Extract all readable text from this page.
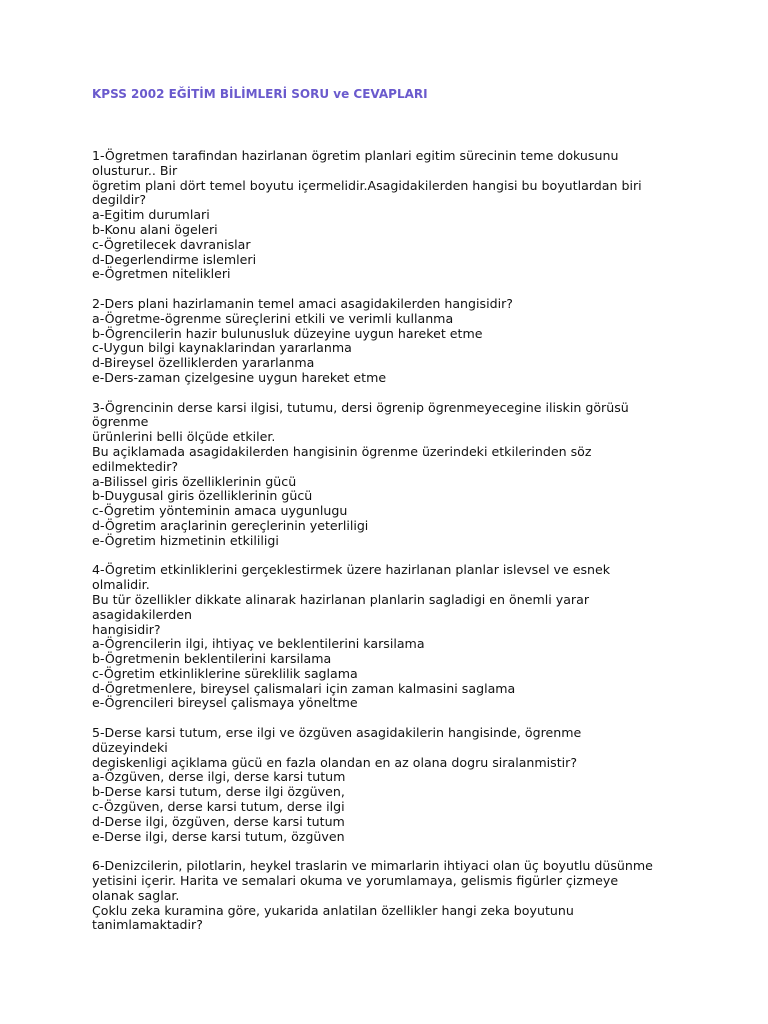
KPSS 2002 EĞİTİM BİLİMLERİ SORU ve CEVAPLARI
1-Ögretmen tarafindan hazirlanan ögretim planlari egitim sürecinin teme dokusunu
olusturur.. Bir
ögretim plani dört temel boyutu içermelidir.Asagidakilerden hangisi bu boyutlardan biri
degildir?
a-Egitim durumlari
b-Konu alani ögeleri
c-Ögretilecek davranislar
d-Degerlendirme islemleri
e-Ögretmen nitelikleri
2-Ders plani hazirlamanin temel amaci asagidakilerden hangisidir?
a-Ögretme-ögrenme süreçlerini etkili ve verimli kullanma
b-Ögrencilerin hazir bulunusluk düzeyine uygun hareket etme
c-Uygun bilgi kaynaklarindan yararlanma
d-Bireysel özelliklerden yararlanma
e-Ders-zaman çizelgesine uygun hareket etme
3-Ögrencinin derse karsi ilgisi, tutumu, dersi ögrenip ögrenmeyecegine iliskin görüsü
ögrenme
ürünlerini belli ölçüde etkiler.
Bu açiklamada asagidakilerden hangisinin ögrenme üzerindeki etkilerinden söz
edilmektedir?
a-Bilissel giris özelliklerinin gücü
b-Duygusal giris özelliklerinin gücü
c-Ögretim yönteminin amaca uygunlugu
d-Ögretim araçlarinin gereçlerinin yeterliligi
e-Ögretim hizmetinin etkililigi
4-Ögretim etkinliklerini gerçeklestirmek üzere hazirlanan planlar islevsel ve esnek
olmalidir.
Bu tür özellikler dikkate alinarak hazirlanan planlarin sagladigi en önemli yarar
asagidakilerden
hangisidir?
a-Ögrencilerin ilgi, ihtiyaç ve beklentilerini karsilama
b-Ögretmenin beklentilerini karsilama
c-Ögretim etkinliklerine süreklilik saglama
d-Ögretmenlere, bireysel çalismalari için zaman kalmasini saglama
e-Ögrencileri bireysel çalismaya yöneltme
5-Derse karsi tutum, erse ilgi ve özgüven asagidakilerin hangisinde, ögrenme
düzeyindeki
degiskenligi açiklama gücü en fazla olandan en az olana dogru siralanmistir?
a-Özgüven, derse ilgi, derse karsi tutum
b-Derse karsi tutum, derse ilgi özgüven,
c-Özgüven, derse karsi tutum, derse ilgi
d-Derse ilgi, özgüven, derse karsi tutum
e-Derse ilgi, derse karsi tutum, özgüven
6-Denizcilerin, pilotlarin, heykel traslarin ve mimarlarin ihtiyaci olan üç boyutlu düsünme
yetisini içerir. Harita ve semalari okuma ve yorumlamaya, gelismis figürler çizmeye
olanak saglar.
Çoklu zeka kuramina göre, yukarida anlatilan özellikler hangi zeka boyutunu
tanimlamaktadir?
